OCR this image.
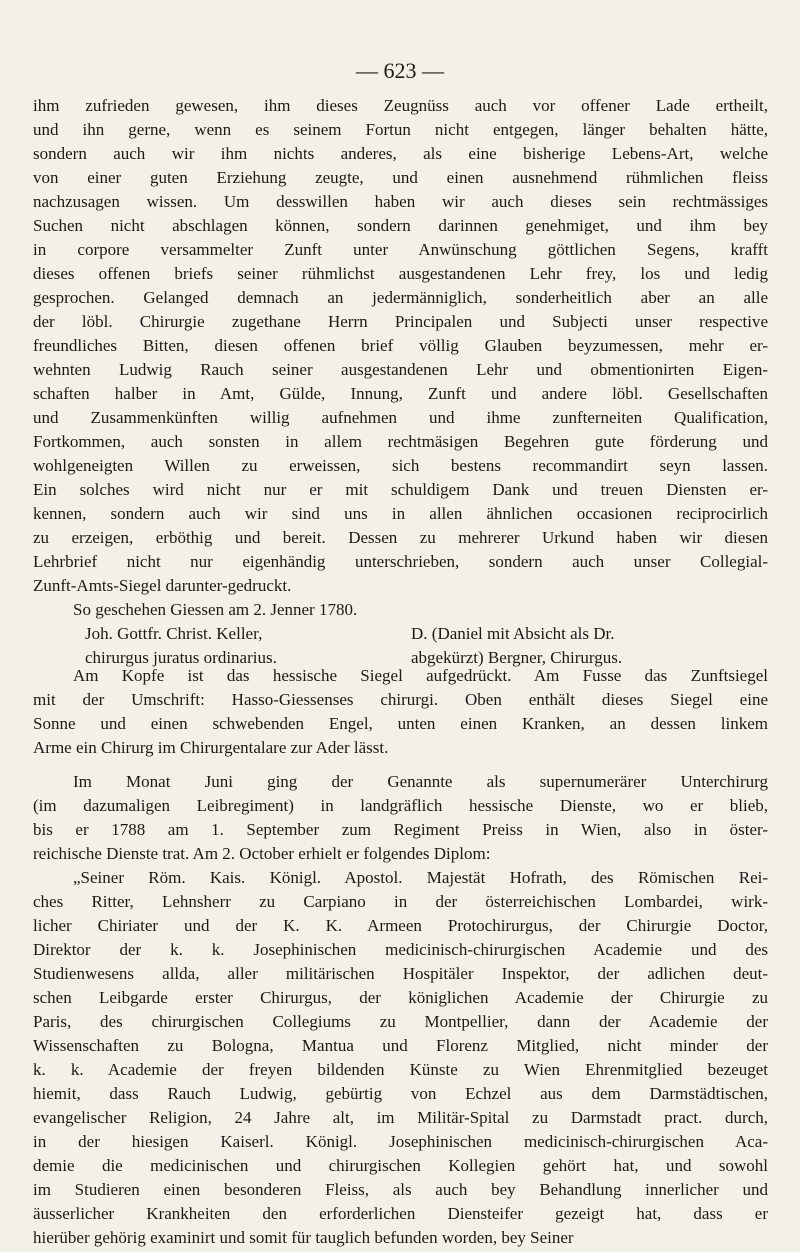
— 623 —
ihm zufrieden gewesen, ihm dieses Zeugnüss auch vor offener Lade ertheilt,
und ihn gerne, wenn es seinem Fortun nicht entgegen, länger behalten hätte,
sondern auch wir ihm nichts anderes, als eine bisherige Lebens-Art, welche
von einer guten Erziehung zeugte, und einen ausnehmend rühmlichen fleiss
nachzusagen wissen. Um desswillen haben wir auch dieses sein rechtmässiges
Suchen nicht abschlagen können, sondern darinnen genehmiget, und ihm bey
in corpore versammelter Zunft unter Anwünschung göttlichen Segens, krafft
dieses offenen briefs seiner rühmlichst ausgestandenen Lehr frey, los und ledig
gesprochen. Gelanged demnach an jedermänniglich, sonderheitlich aber an alle
der löbl. Chirurgie zugethane Herrn Principalen und Subjecti unser respective
freundliches Bitten, diesen offenen brief völlig Glauben beyzumessen, mehr er-
wehnten Ludwig Rauch seiner ausgestandenen Lehr und obmentionirten Eigen-
schaften halber in Amt, Gülde, Innung, Zunft und andere löbl. Gesellschaften
und Zusammenkünften willig aufnehmen und ihme zunfterneiten Qualification,
Fortkommen, auch sonsten in allem rechtmäsigen Begehren gute förderung und
wohlgeneigten Willen zu erweissen, sich bestens recommandirt seyn lassen.
Ein solches wird nicht nur er mit schuldigem Dank und treuen Diensten er-
kennen, sondern auch wir sind uns in allen ähnlichen occasionen reciprocirlich
zu erzeigen, erböthig und bereit. Dessen zu mehrerer Urkund haben wir diesen
Lehrbrief nicht nur eigenhändig unterschrieben, sondern auch unser Collegial-
Zunft-Amts-Siegel darunter-gedruckt.
So geschehen Giessen am 2. Jenner 1780.
Joh. Gottfr. Christ. Keller,	D. (Daniel mit Absicht als Dr.
chirurgus juratus ordinarius.	abgekürzt) Bergner, Chirurgus.
Am Kopfe ist das hessische Siegel aufgedrückt. Am Fusse das Zunftsiegel
mit der Umschrift: Hasso-Giessenses chirurgi. Oben enthält dieses Siegel eine
Sonne und einen schwebenden Engel, unten einen Kranken, an dessen linkem
Arme ein Chirurg im Chirurgentalare zur Ader lässt.
Im Monat Juni ging der Genannte als supernumerärer Unterchirurg
(im dazumaligen Leibregiment) in landgräflich hessische Dienste, wo er blieb,
bis er 1788 am 1. September zum Regiment Preiss in Wien, also in öster-
reichische Dienste trat. Am 2. October erhielt er folgendes Diplom:
„Seiner Röm. Kais. Königl. Apostol. Majestät Hofrath, des Römischen Rei-
ches Ritter, Lehnsherr zu Carpiano in der österreichischen Lombardei, wirk-
licher Chiriater und der K. K. Armeen Protochirurgus, der Chirurgie Doctor,
Direktor der k. k. Josephinischen medicinisch-chirurgischen Academie und des
Studienwesens allda, aller militärischen Hospitäler Inspektor, der adlichen deut-
schen Leibgarde erster Chirurgus, der königlichen Academie der Chirurgie zu
Paris, des chirurgischen Collegiums zu Montpellier, dann der Academie der
Wissenschaften zu Bologna, Mantua und Florenz Mitglied, nicht minder der
k. k. Academie der freyen bildenden Künste zu Wien Ehrenmitglied bezeuget
hiemit, dass Rauch Ludwig, gebürtig von Echzel aus dem Darmstädtischen,
evangelischer Religion, 24 Jahre alt, im Militär-Spital zu Darmstadt pract. durch,
in der hiesigen Kaiserl. Königl. Josephinischen medicinisch-chirurgischen Aca-
demie die medicinischen und chirurgischen Kollegien gehört hat, und sowohl
im Studieren einen besonderen Fleiss, als auch bey Behandlung innerlicher und
äusserlicher Krankheiten den erforderlichen Diensteifer gezeigt hat, dass er
hierüber gehörig examinirt und somit für tauglich befunden worden, bey Seiner
